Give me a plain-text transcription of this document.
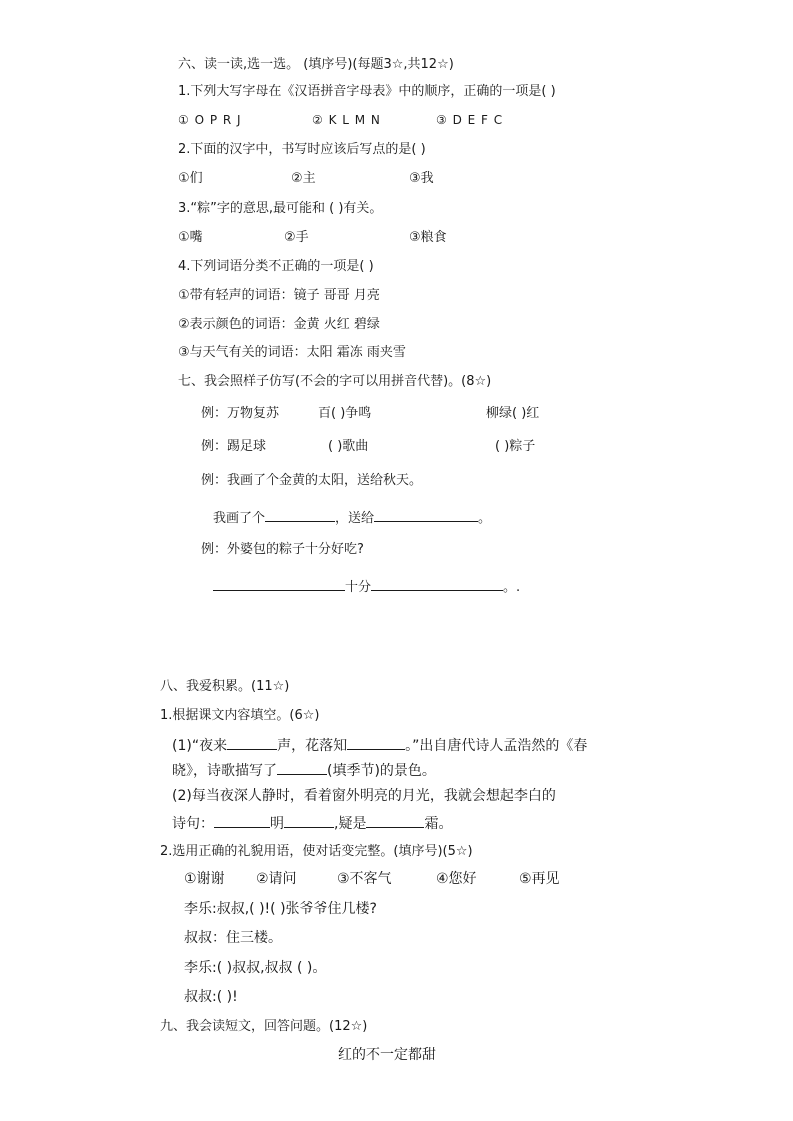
六、读一读,选一选。 (填序号)(每题3☆,共12☆)
1.下列大写字母在《汉语拼音字母表》中的顺序，正确的一项是( )
① O P R J	② K L M N	③ D E F C
2.下面的汉字中，书写时应该后写点的是( )
①们	②主	③我
3.“粽”字的意思,最可能和 ( )有关。
①嘴	②手	③粮食
4.下列词语分类不正确的一项是( )
①带有轻声的词语：镜子 哥哥 月亮
②表示颜色的词语：金黄 火红 碧绿
③与天气有关的词语：太阳 霜冻 雨夹雪
七、我会照样子仿写(不会的字可以用拼音代替)。(8☆)
例：万物复苏	百( )争鸣	柳绿( )红
例：踢足球	( )歌曲	( )粽子
例：我画了个金黄的太阳，送给秋天。
我画了个	，送给	。
例：外婆包的粽子十分好吃?
十分	。.
八、我爱积累。(11☆)
1.根据课文内容填空。(6☆)
(1)“夜来	声，花落知	。”出自唐代诗人孟浩然的《春
晓》，诗歌描写了	(填季节)的景色。
(2)每当夜深人静时，看着窗外明亮的月光，我就会想起李白的
诗句：	明	,疑是	霜。
2.选用正确的礼貌用语，使对话变完整。(填序号)(5☆)
①谢谢 ②请问	③不客气	④您好	⑤再见
李乐:叔叔,( )!( )张爷爷住几楼?
叔叔：住三楼。
李乐:( )叔叔,叔叔 ( )。
叔叔:( )!
九、我会读短文，回答问题。(12☆)
红的不一定都甜
